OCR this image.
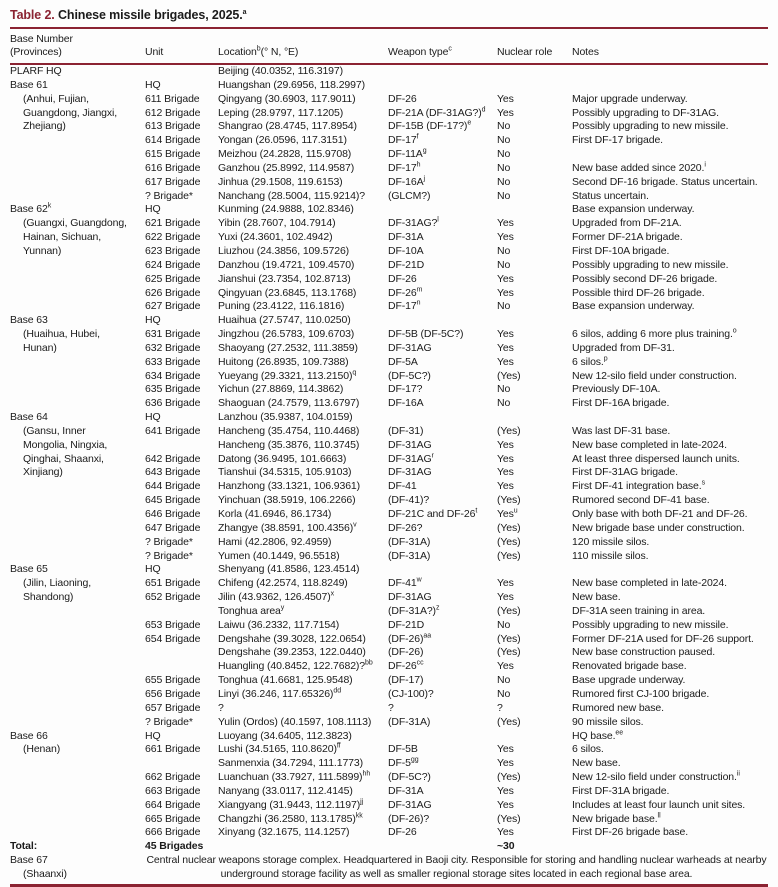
Table 2. Chinese missile brigades, 2025.$^a$
Base Number
(Provinces)	Unit	Location$^b$(° N, °E)	Weapon type$^c$	Nuclear role	Notes
PLARF HQ	Beijing (40.0352, 116.3197)
Base 61	HQ	Huangshan (29.6956, 118.2997)
(Anhui, Fujian,	611 Brigade	Qingyang (30.6903, 117.9011)	DF-26	Yes	Major upgrade underway.
Guangdong, Jiangxi,	612 Brigade	Leping (28.9797, 117.1205)	DF-21A (DF-31AG?)$^d$	Yes	Possibly upgrading to DF-31AG.
Zhejiang)	613 Brigade	Shangrao (28.4745, 117.8954)	DF-15B (DF-17?)$^e$	No	Possibly upgrading to new missile.
614 Brigade	Yongan (26.0596, 117.3151)	DF-17$^f$	No	First DF-17 brigade.
615 Brigade	Meizhou (24.2828, 115.9708)	$DF-11A^g$	No
616 Brigade	Ganzhou (25.8992, 114.9587)	DF-17$^h$	No	New base added since 2020.$^i$
617 Brigade	Jinhua (29.1508, 119.6153)	$DF-16A^j$	No	Second DF-16 brigade. Status uncertain.
? Brigade*	Nanchang (28.5004, 115.9214)?	(GLCM?)	No	Status uncertain.
Base 62$^k$	HQ	Kunming (24.9888, 102.8346)	Base expansion underway.
(Guangxi, Guangdong,	621 Brigade	Yibin (28.7607, 104.7914)	DF-31AG?$^l$	Yes	Upgraded from DF-21A.
Hainan, Sichuan,	622 Brigade	Yuxi (24.3601, 102.4942)	DF-31A	Yes	Former DF-21A brigade.
Yunnan)	623 Brigade	Liuzhou (24.3856, 109.5726)	DF-10A	No	First DF-10A brigade.
624 Brigade	Danzhou (19.4721, 109.4570)	DF-21D	No	Possibly upgrading to new missile.
625 Brigade	Jianshui (23.7354, 102.8713)	DF-26	Yes	Possibly second DF-26 brigade.
626 Brigade	Qingyuan (23.6845, 113.1768)	DF-26$^m$	Yes	Possible third DF-26 brigade.
627 Brigade	Puning (23.4122, 116.1816)	DF-17$^n$	No	Base expansion underway.
Base 63	HQ	Huaihua (27.5747, 110.0250)
(Huaihua, Hubei,	631 Brigade	Jingzhou (26.5783, 109.6703)	DF-5B (DF-5C?)	Yes	6 silos, adding 6 more plus training.$^o$
Hunan)	632 Brigade	Shaoyang (27.2532, 111.3859)	DF-31AG	Yes	Upgraded from DF-31.
633 Brigade	Huitong (26.8935, 109.7388)	DF-5A	Yes	6 silos.$^p$
634 Brigade	Yueyang (29.3321, 113.2150)$^q$	(DF-5C?)	(Yes)	New 12-silo field under construction.
635 Brigade	Yichun (27.8869, 114.3862)	DF-17?	No	Previously DF-10A.
636 Brigade	Shaoguan (24.7579, 113.6797)	DF-16A	No	First DF-16A brigade.
Base 64	HQ	Lanzhou (35.9387, 104.0159)
(Gansu, Inner	641 Brigade	Hancheng (35.4754, 110.4468)	(DF-31)	(Yes)	Was last DF-31 base.
Mongolia, Ningxia,	Hancheng (35.3876, 110.3745)	DF-31AG	Yes	New base completed in late-2024.
Qinghai, Shaanxi,	642 Brigade	Datong (36.9495, 101.6663)	$DF-31AG^r$	Yes	At least three dispersed launch units.
Xinjiang)	643 Brigade	Tianshui (34.5315, 105.9103)	DF-31AG	Yes	First DF-31AG brigade.
644 Brigade	Hanzhong (33.1321, 106.9361)	DF-41	Yes	First DF-41 integration base.$^s$
645 Brigade	Yinchuan (38.5919, 106.2266)	(DF-41)?	(Yes)	Rumored second DF-41 base.
646 Brigade	Korla (41.6946, 86.1734)	DF-21C and DF-26$^t$	Yes$^u$	Only base with both DF-21 and DF-26.
647 Brigade	Zhangye (38.8591, 100.4356)$^v$	DF-26?	(Yes)	New brigade base under construction.
? Brigade*	Hami (42.2806, 92.4959)	(DF-31A)	(Yes)	120 missile silos.
? Brigade*	Yumen (40.1449, 96.5518)	(DF-31A)	(Yes)	110 missile silos.
Base 65	HQ	Shenyang (41.8586, 123.4514)
(Jilin, Liaoning,	651 Brigade	Chifeng (42.2574, 118.8249)	DF-41$^w$	Yes	New base completed in late-2024.
Shandong)	652 Brigade	Jilin (43.9362, 126.4507)$^x$	DF-31AG	Yes	New base.
Tonghua area$^y$	(DF-31A?)$^z$	(Yes)	DF-31A seen training in area.
653 Brigade	Laiwu (36.2332, 117.7154)	DF-21D	No	Possibly upgrading to new missile.
654 Brigade	Dengshahe (39.3028, 122.0654)	$(DF-26)^{aa}$	(Yes)	Former DF-21A used for DF-26 support.
Dengshahe (39.2353, 122.0440)	(DF-26)	(Yes)	New base construction paused.
Huangling (40.8452, 122.7682)?$^{bb}$	$DF-26^{cc}$	Yes	Renovated brigade base.
655 Brigade	Tonghua (41.6681, 125.9548)	(DF-17)	No	Base upgrade underway.
656 Brigade	Linyi (36.246, 117.65326)$^{dd}$	(CJ-100)?	No	Rumored first CJ-100 brigade.
657 Brigade	?	?	?	Rumored new base.
? Brigade*	Yulin (Ordos) (40.1597, 108.1113)	(DF-31A)	(Yes)	90 missile silos.
Base 66	HQ	Luoyang (34.6405, 112.3823)	HQ base.$^{ee}$
(Henan)	661 Brigade	Lushi (34.5165, 110.8620)$^{ff}$	DF-5B	Yes	6 silos.
Sanmenxia (34.7294, 111.1773)	$DF-5^{gg}$	Yes	New base.
662 Brigade	Luanchuan (33.7927, 111.5899)$^{hh}$	(DF-5C?)	(Yes)	New 12-silo field under construction.$^{ii}$
663 Brigade	Nanyang (33.0117, 112.4145)	DF-31A	Yes	First DF-31A brigade.
664 Brigade	Xiangyang (31.9443, 112.1197)$^{jj}$	DF-31AG	Yes	Includes at least four launch unit sites.
665 Brigade	Changzhi (36.2580, 113.1785)$^{kk}$	(DF-26)?	(Yes)	New brigade base.$^{ll}$
666 Brigade	Xinyang (32.1675, 114.1257)	DF-26	Yes	First DF-26 brigade base.
Total:	45 Brigades	~30
Base 67
(Shaanxi)
Central nuclear weapons storage complex. Headquartered in Baoji city. Responsible for storing and handling nuclear warheads at nearby underground storage facility as well as smaller regional storage sites located in each regional base area.
